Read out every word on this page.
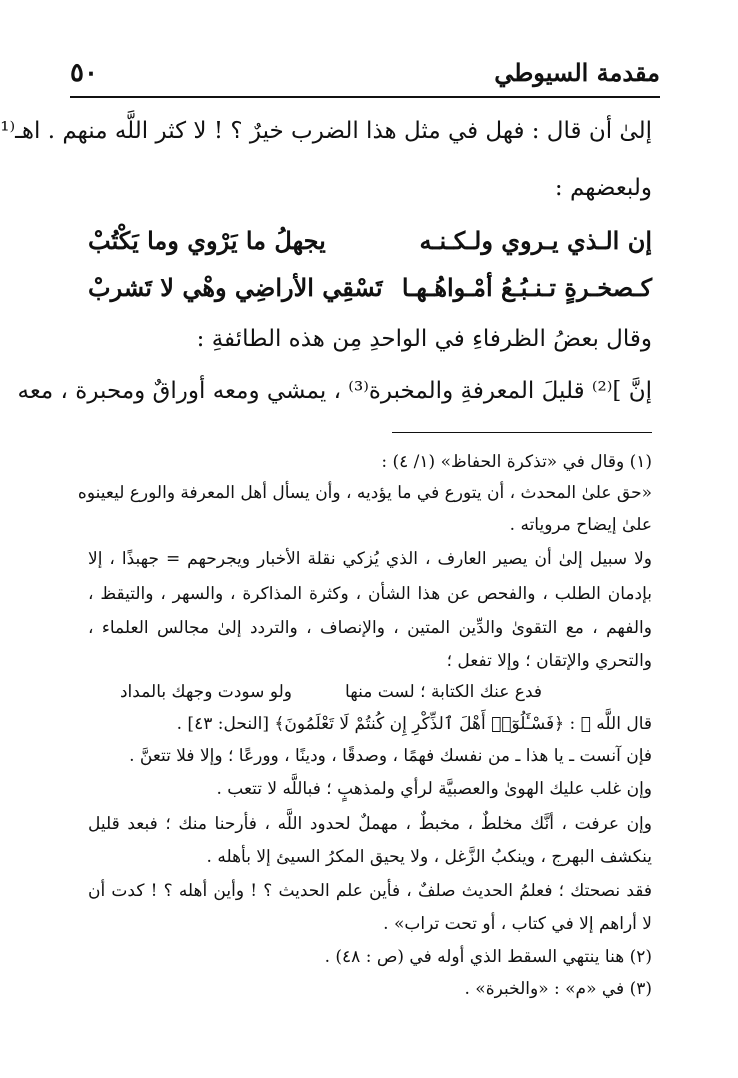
مقدمة السيوطي
٥٠
إلىٰ أن قال : فهل في مثل هذا الضرب خيرٌ ؟ ! لا كثر اللَّه منهم . اهـ⁽¹
ولبعضهم :
إن الـذي يـروي ولـكـنـه
يجهلُ ما يَرْوي وما يَكْتُبْ
كـصخـرةٍ تـنـبُـعُ أمْـواهُـهـا
تَسْقِي الأراضِي وهْي لا تَشربْ
وقال بعضُ الظرفاءِ في الواحدِ مِن هذه الطائفةِ :
إنَّ ]⁽²⁾ قليلَ المعرفةِ والمخبرة⁽³⁾ ، يمشي ومعه أوراقٌ ومحبرة ، معه
(١) وقال في «تذكرة الحفاظ» (١/ ٤) :
«حق علىٰ المحدث ، أن يتورع في ما يؤديه ، وأن يسأل أهل المعرفة والورع ليعينوه
علىٰ إيضاح مروياته .
ولا سبيل إلىٰ أن يصير العارف ، الذي يُزكي نقلة الأخبار ويجرحهم = جهبذًا ، إلا
بإدمان الطلب ، والفحص عن هذا الشأن ، وكثرة المذاكرة ، والسهر ، والتيقظ ،
والفهم ، مع التقوىٰ والدِّين المتين ، والإنصاف ، والتردد إلىٰ مجالس العلماء ،
والتحري والإتقان ؛ وإلا تفعل ؛
فدع عنك الكتابة ؛ لست منها
ولو سودت وجهك بالمداد
قال اللَّه ﷻ : ﴿فَسْـَٔلُوٓا۟ أَهْلَ ٱلذِّكْرِ إِن كُنتُمْ لَا تَعْلَمُونَ﴾ [النحل: ٤٣] .
فإن آنست ـ يا هذا ـ من نفسك فهمًا ، وصدقًا ، ودينًا ، وورعًا ؛ وإلا فلا تتعنَّ .
وإن غلب عليك الهوىٰ والعصبيَّة لرأي ولمذهبٍ ؛ فباللَّه لا تتعب .
وإن عرفت ، أنَّك مخلطٌ ، مخبطٌ ، مهملٌ لحدود اللَّه ، فأرحنا منك ؛ فبعد قليل
ينكشف البهرج ، وينكبُ الزَّغل ، ولا يحيق المكرُ السيئ إلا بأهله .
فقد نصحتك ؛ فعلمُ الحديث صلفٌ ، فأين علم الحديث ؟ ! وأين أهله ؟ ! كدت أن
لا أراهم إلا في كتاب ، أو تحت تراب» .
(٢) هنا ينتهي السقط الذي أوله في (ص : ٤٨) .
(٣) في «م» : «والخبرة» .
